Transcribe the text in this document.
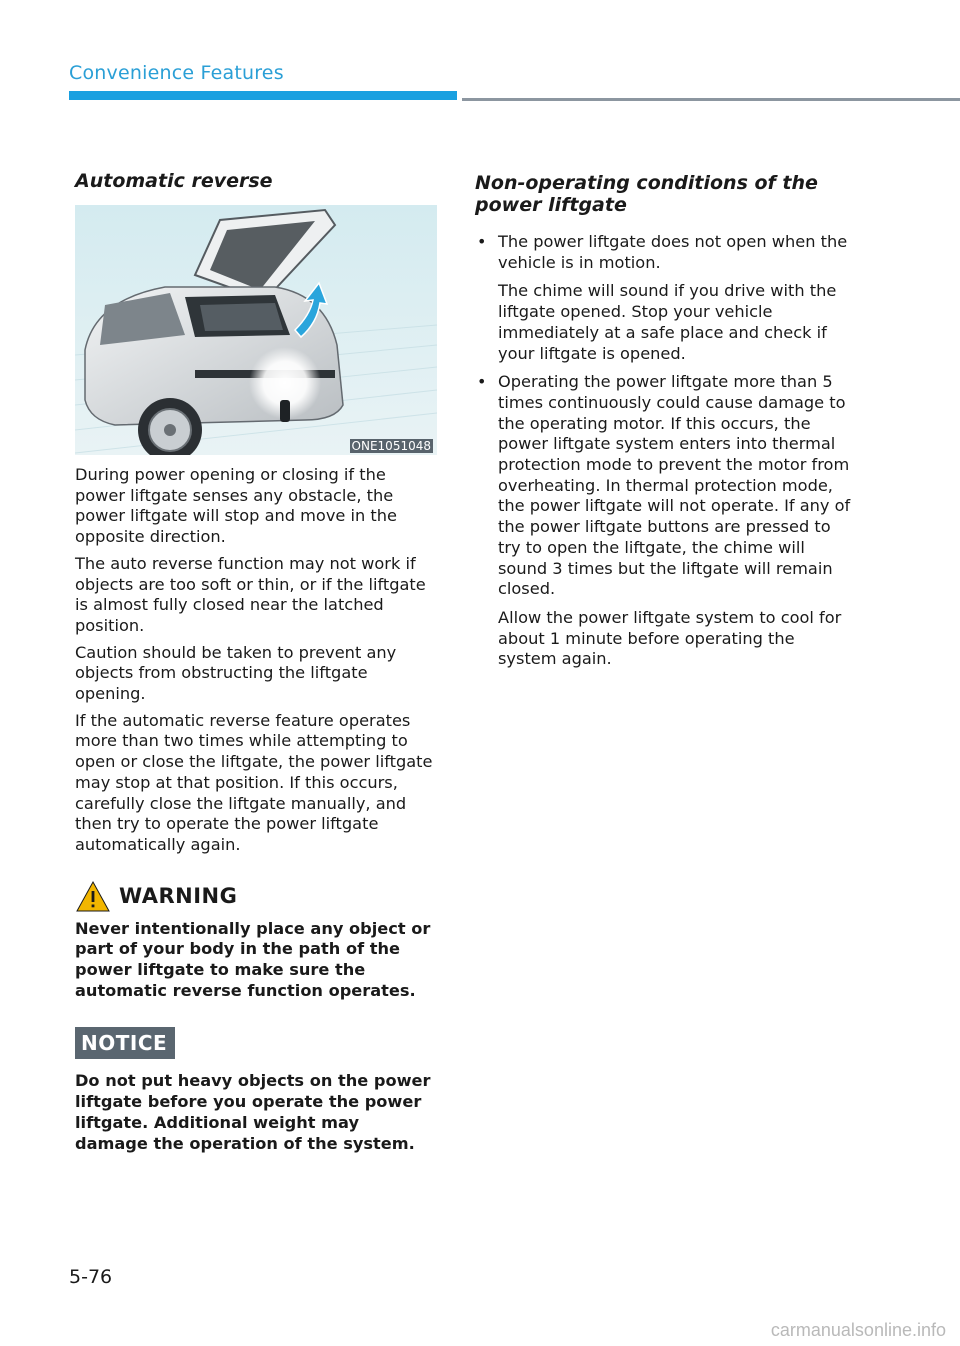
Convenience Features
Automatic reverse
ONE1051048

During power opening or closing if the power liftgate senses any obstacle, the power liftgate will stop and move in the opposite direction.

The auto reverse function may not work if objects are too soft or thin, or if the liftgate is almost fully closed near the latched position.

Caution should be taken to prevent any objects from obstructing the liftgate opening.

If the automatic reverse feature operates more than two times while attempting to open or close the liftgate, the power liftgate may stop at that position. If this occurs, carefully close the liftgate manually, and then try to operate the power liftgate automatically again.

WARNING

Never intentionally place any object or part of your body in the path of the power liftgate to make sure the automatic reverse function operates.

NOTICE

Do not put heavy objects on the power liftgate before you operate the power liftgate. Additional weight may damage the operation of the system.

Non-operating conditions of the power liftgate
• The power liftgate does not open when the vehicle is in motion.

The chime will sound if you drive with the liftgate opened. Stop your vehicle immediately at a safe place and check if your liftgate is opened.

• Operating the power liftgate more than 5 times continuously could cause damage to the operating motor. If this occurs, the power liftgate system enters into thermal protection mode to prevent the motor from overheating. In thermal protection mode, the power liftgate will not operate. If any of the power liftgate buttons are pressed to try to open the liftgate, the chime will sound 3 times but the liftgate will remain closed.

Allow the power liftgate system to cool for about 1 minute before operating the system again.

5-76
carmanualsonline.info
